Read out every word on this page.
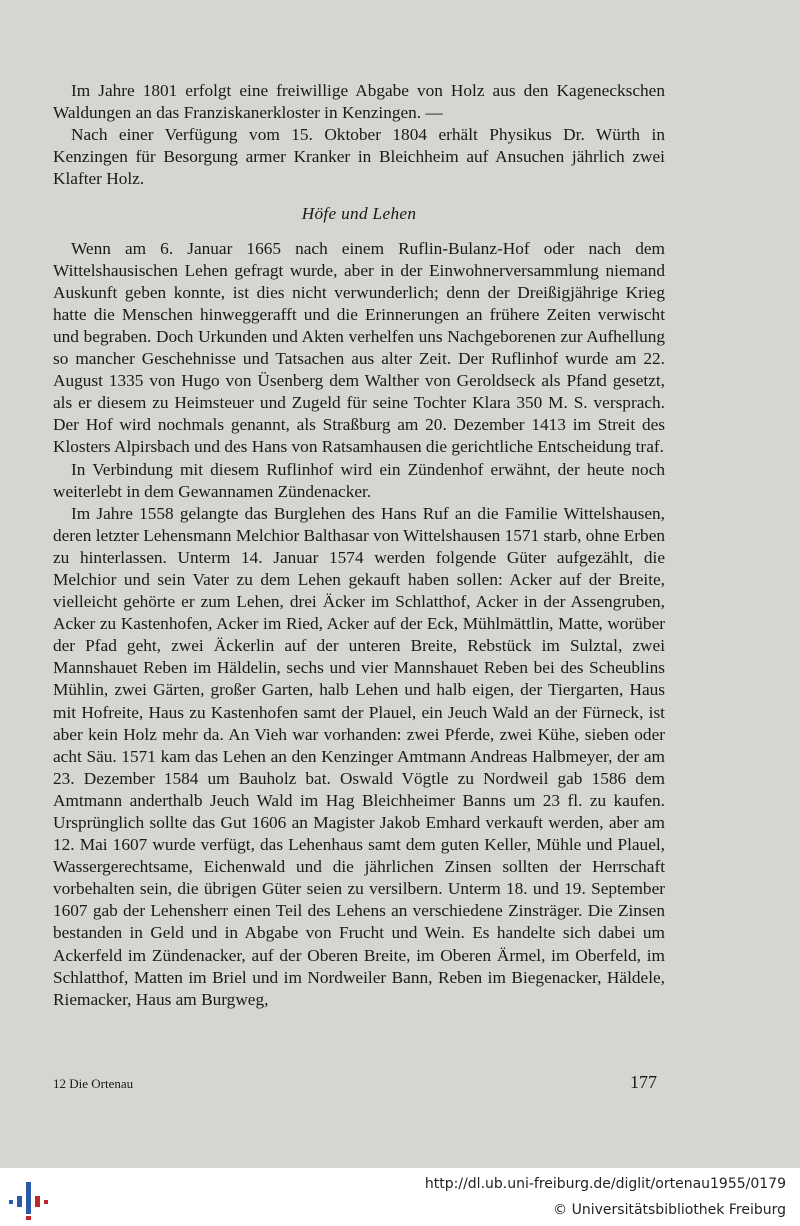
Im Jahre 1801 erfolgt eine freiwillige Abgabe von Holz aus den Kageneckschen Waldungen an das Franziskanerkloster in Kenzingen. —

Nach einer Verfügung vom 15. Oktober 1804 erhält Physikus Dr. Würth in Kenzingen für Besorgung armer Kranker in Bleichheim auf Ansuchen jährlich zwei Klafter Holz.

Höfe und Lehen

Wenn am 6. Januar 1665 nach einem Ruflin-Bulanz-Hof oder nach dem Wittelshausischen Lehen gefragt wurde, aber in der Einwohnerversammlung niemand Auskunft geben konnte, ist dies nicht verwunderlich; denn der Dreißigjährige Krieg hatte die Menschen hinweggerafft und die Erinnerungen an frühere Zeiten verwischt und begraben. Doch Urkunden und Akten verhelfen uns Nachgeborenen zur Aufhellung so mancher Geschehnisse und Tatsachen aus alter Zeit. Der Ruflinhof wurde am 22. August 1335 von Hugo von Üsenberg dem Walther von Geroldseck als Pfand gesetzt, als er diesem zu Heimsteuer und Zugeld für seine Tochter Klara 350 M. S. versprach. Der Hof wird nochmals genannt, als Straßburg am 20. Dezember 1413 im Streit des Klosters Alpirsbach und des Hans von Ratsamhausen die gerichtliche Entscheidung traf.

In Verbindung mit diesem Ruflinhof wird ein Zündenhof erwähnt, der heute noch weiterlebt in dem Gewannamen Zündenacker.

Im Jahre 1558 gelangte das Burglehen des Hans Ruf an die Familie Wittelshausen, deren letzter Lehensmann Melchior Balthasar von Wittelshausen 1571 starb, ohne Erben zu hinterlassen. Unterm 14. Januar 1574 werden folgende Güter aufgezählt, die Melchior und sein Vater zu dem Lehen gekauft haben sollen: Acker auf der Breite, vielleicht gehörte er zum Lehen, drei Äcker im Schlatthof, Acker in der Assengruben, Acker zu Kastenhofen, Acker im Ried, Acker auf der Eck, Mühlmättlin, Matte, worüber der Pfad geht, zwei Äckerlin auf der unteren Breite, Rebstück im Sulztal, zwei Mannshauet Reben im Häldelin, sechs und vier Mannshauet Reben bei des Scheublins Mühlin, zwei Gärten, großer Garten, halb Lehen und halb eigen, der Tiergarten, Haus mit Hofreite, Haus zu Kastenhofen samt der Plauel, ein Jeuch Wald an der Fürneck, ist aber kein Holz mehr da. An Vieh war vorhanden: zwei Pferde, zwei Kühe, sieben oder acht Säu. 1571 kam das Lehen an den Kenzinger Amtmann Andreas Halbmeyer, der am 23. Dezember 1584 um Bauholz bat. Oswald Vögtle zu Nordweil gab 1586 dem Amtmann anderthalb Jeuch Wald im Hag Bleichheimer Banns um 23 fl. zu kaufen. Ursprünglich sollte das Gut 1606 an Magister Jakob Emhard verkauft werden, aber am 12. Mai 1607 wurde verfügt, das Lehenhaus samt dem guten Keller, Mühle und Plauel, Wassergerechtsame, Eichenwald und die jährlichen Zinsen sollten der Herrschaft vorbehalten sein, die übrigen Güter seien zu versilbern. Unterm 18. und 19. September 1607 gab der Lehensherr einen Teil des Lehens an verschiedene Zinsträger. Die Zinsen bestanden in Geld und in Abgabe von Frucht und Wein. Es handelte sich dabei um Ackerfeld im Zündenacker, auf der Oberen Breite, im Oberen Ärmel, im Oberfeld, im Schlatthof, Matten im Briel und im Nordweiler Bann, Reben im Biegenacker, Häldele, Riemacker, Haus am Burgweg,

12 Die Ortenau	177
http://dl.ub.uni-freiburg.de/diglit/ortenau1955/0179
© Universitätsbibliothek Freiburg
